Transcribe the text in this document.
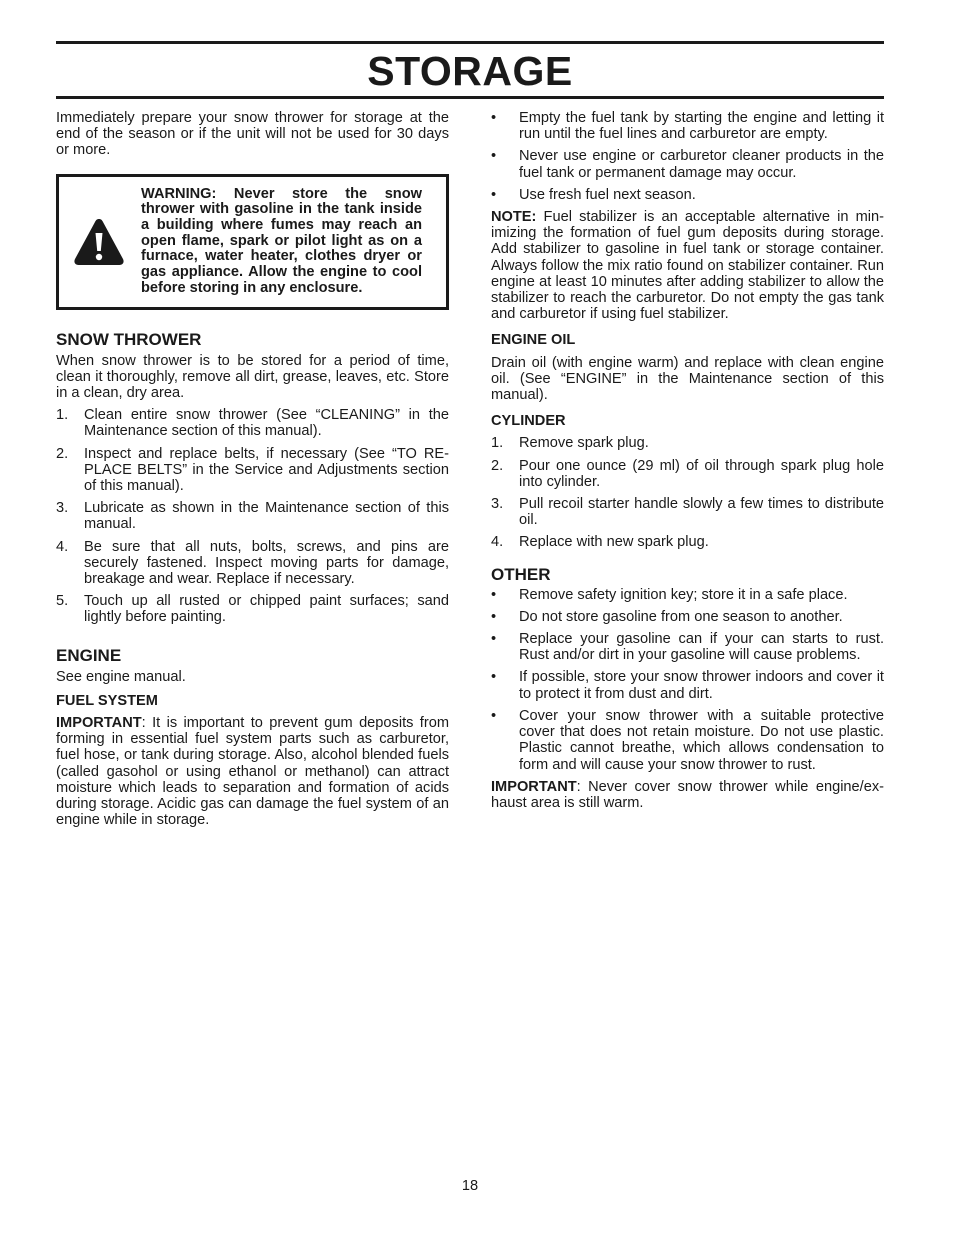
STORAGE

Immediately prepare your snow thrower for storage at the end of the season or if the unit will not be used for 30 days or more.

WARNING: Never store the snow thrower with gasoline in the tank inside a building where fumes may reach an open flame, spark or pilot light as on a furnace, water heater, clothes dryer or gas appliance. Allow the engine to cool before storing in any enclosure.
SNOW THROWER

When snow thrower is to be stored for a period of time, clean it thoroughly, remove all dirt, grease, leaves, etc. Store in a clean, dry area.

1. Clean entire snow thrower (See “CLEANING” in the Maintenance section of this manual).
2. Inspect and replace belts, if necessary (See “TO RE-PLACE BELTS” in the Service and Adjustments section of this manual).
3. Lubricate as shown in the Maintenance section of this manual.
4. Be sure that all nuts, bolts, screws, and pins are securely fastened. Inspect moving parts for damage, breakage and wear. Replace if necessary.
5. Touch up all rusted or chipped paint surfaces; sand lightly before painting.
ENGINE

See engine manual.

FUEL SYSTEM

IMPORTANT: It is important to prevent gum deposits from forming in essential fuel system parts such as carburetor, fuel hose, or tank during storage. Also, alcohol blended fuels (called gasohol or using ethanol or methanol) can attract moisture which leads to separation and formation of acids during storage. Acidic gas can damage the fuel system of an engine while in storage.

• Empty the fuel tank by starting the engine and letting it run until the fuel lines and carburetor are empty.
• Never use engine or carburetor cleaner products in the fuel tank or permanent damage may occur.
• Use fresh fuel next season.

NOTE: Fuel stabilizer is an acceptable alternative in min-imizing the formation of fuel gum deposits during storage. Add stabilizer to gasoline in fuel tank or storage container. Always follow the mix ratio found on stabilizer container. Run engine at least 10 minutes after adding stabilizer to allow the stabilizer to reach the carburetor. Do not empty the gas tank and carburetor if using fuel stabilizer.

ENGINE OIL

Drain oil (with engine warm) and replace with clean engine oil. (See “ENGINE” in the Maintenance section of this manual).

CYLINDER
1. Remove spark plug.
2. Pour one ounce (29 ml) of oil through spark plug hole into cylinder.
3. Pull recoil starter handle slowly a few times to distribute oil.
4. Replace with new spark plug.
OTHER
• Remove safety ignition key; store it in a safe place.
• Do not store gasoline from one season to another.
• Replace your gasoline can if your can starts to rust. Rust and/or dirt in your gasoline will cause problems.
• If possible, store your snow thrower indoors and cover it to protect it from dust and dirt.
• Cover your snow thrower with a suitable protective cover that does not retain moisture. Do not use plastic. Plastic cannot breathe, which allows condensation to form and will cause your snow thrower to rust.

IMPORTANT: Never cover snow thrower while engine/ex-haust area is still warm.

18
